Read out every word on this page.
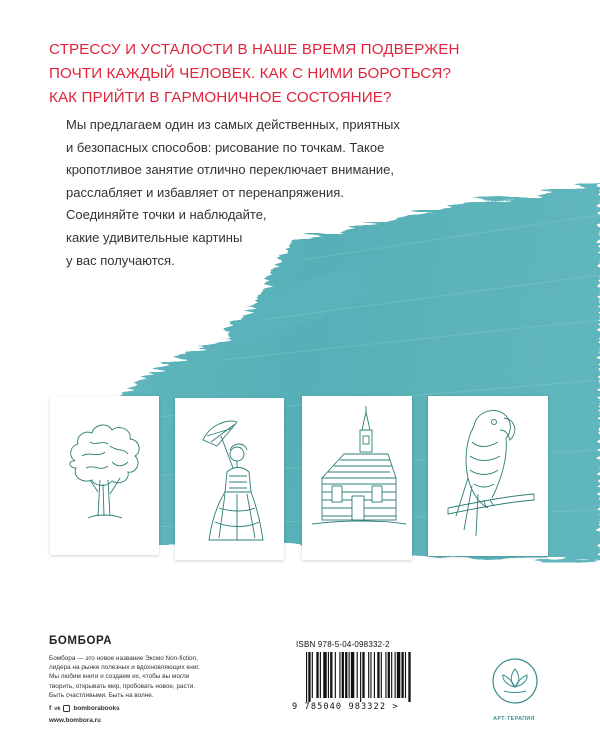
СТРЕССУ И УСТАЛОСТИ В НАШЕ ВРЕМЯ ПОДВЕРЖЕН
ПОЧТИ КАЖДЫЙ ЧЕЛОВЕК. КАК С НИМИ БОРОТЬСЯ?
КАК ПРИЙТИ В ГАРМОНИЧНОЕ СОСТОЯНИЕ?
Мы предлагаем один из самых действенных, приятных
и безопасных способов: рисование по точкам. Такое
кропотливое занятие отлично переключает внимание,
расслабляет и избавляет от перенапряжения.
Соединяйте точки и наблюдайте,
какие удивительные картины
у вас получаются.
БОМБОРА
Бомбора — это новое название Эксмо Non-fiction,
лидера на рынке полезных и вдохновляющих книг.
Мы любим книги и создаем их, чтобы вы могли
творить, открывать мир, пробовать новое, расти.
Быть счастливыми. Быть на волне.
f vk bomborabooks
www.bombora.ru
ISBN 978-5-04-098332-2
9 785040 983322 >
АРТ-ТЕРАПИЯ
